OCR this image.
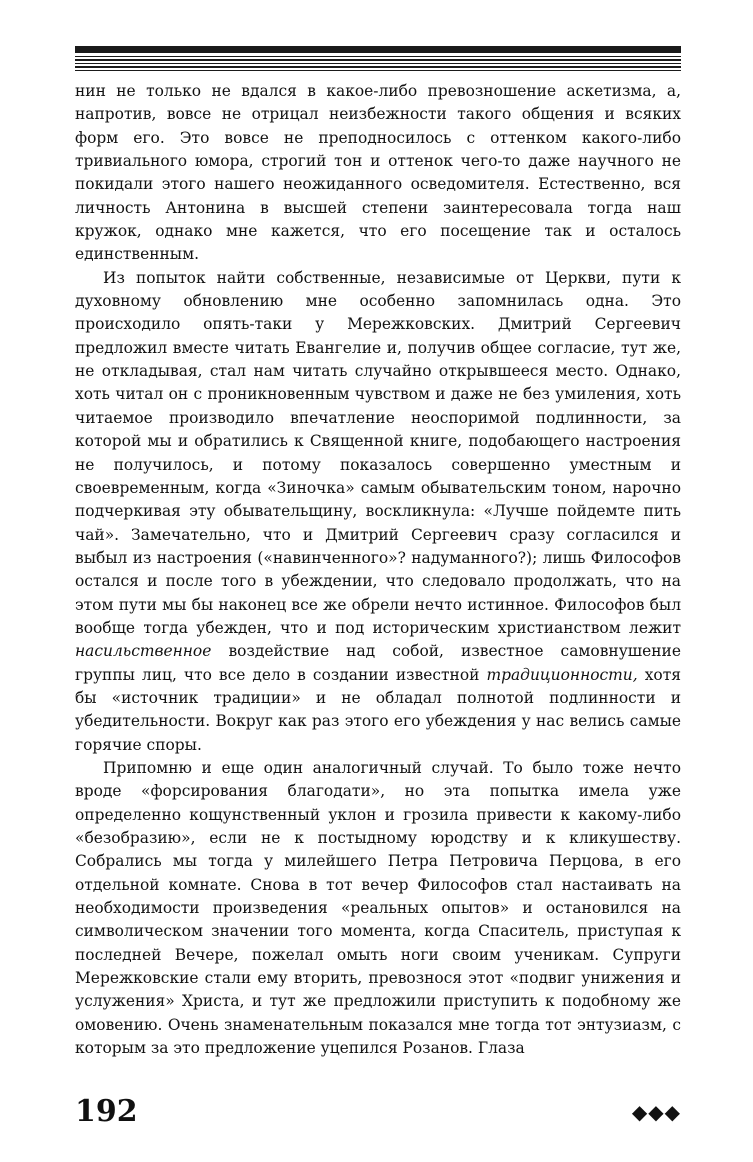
нин не только не вдался в какое-либо превозношение аскетизма, а, напротив, вовсе не отрицал неизбежности такого общения и всяких форм его. Это вовсе не преподносилось с оттенком какого-либо тривиального юмора, строгий тон и оттенок чего-то даже научного не покидали этого нашего неожиданного осведомителя. Естественно, вся личность Антонина в высшей степени заинтересовала тогда наш кружок, однако мне кажется, что его посещение так и осталось единственным.

Из попыток найти собственные, независимые от Церкви, пути к духовному обновлению мне особенно запомнилась одна. Это происходило опять-таки у Мережковских. Дмитрий Сергеевич предложил вместе читать Евангелие и, получив общее согласие, тут же, не откладывая, стал нам читать случайно открывшееся место. Однако, хоть читал он с проникновенным чувством и даже не без умиления, хоть читаемое производило впечатление неоспоримой подлинности, за которой мы и обратились к Священной книге, подобающего настроения не получилось, и потому показалось совершенно уместным и своевременным, когда «Зиночка» самым обывательским тоном, нарочно подчеркивая эту обывательщину, воскликнула: «Лучше пойдемте пить чай». Замечательно, что и Дмитрий Сергеевич сразу согласился и выбыл из настроения («навинченного»? надуманного?); лишь Философов остался и после того в убеждении, что следовало продолжать, что на этом пути мы бы наконец все же обрели нечто истинное. Философов был вообще тогда убежден, что и под историческим христианством лежит насильственное воздействие над собой, известное самовнушение группы лиц, что все дело в создании известной традиционности, хотя бы «источник традиции» и не обладал полнотой подлинности и убедительности. Вокруг как раз этого его убеждения у нас велись самые горячие споры.

Припомню и еще один аналогичный случай. То было тоже нечто вроде «форсирования благодати», но эта попытка имела уже определенно кощунственный уклон и грозила привести к какому-либо «безобразию», если не к постыдному юродству и к кликушеству. Собрались мы тогда у милейшего Петра Петровича Перцова, в его отдельной комнате. Снова в тот вечер Философов стал настаивать на необходимости произведения «реальных опытов» и остановился на символическом значении того момента, когда Спаситель, приступая к последней Вечере, пожелал омыть ноги своим ученикам. Супруги Мережковские стали ему вторить, превознося этот «подвиг унижения и услужения» Христа, и тут же предложили приступить к подобному же омовению. Очень знаменательным показался мне тогда тот энтузиазм, с которым за это предложение уцепился Розанов. Глаза

192	◆◆◆
